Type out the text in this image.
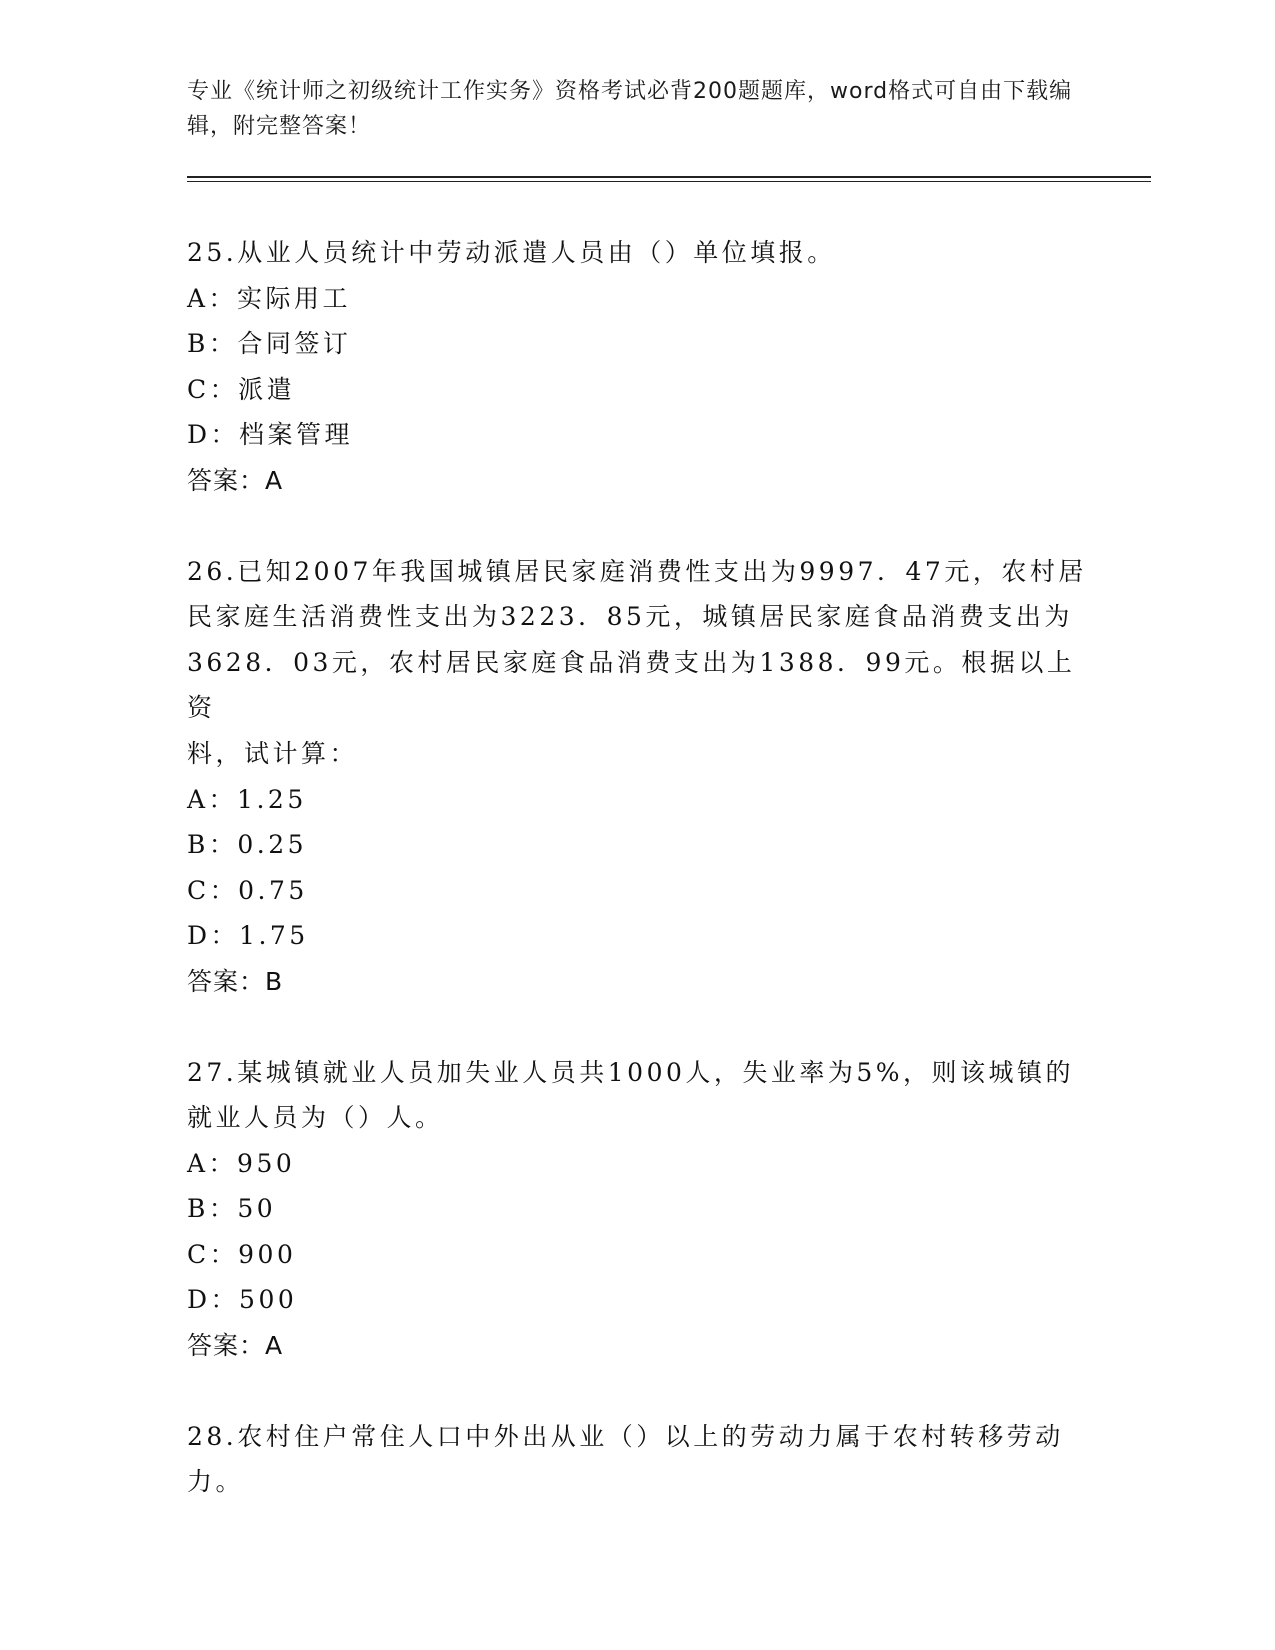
专业《统计师之初级统计工作实务》资格考试必背200题题库，word格式可自由下载编辑，附完整答案！
25.从业人员统计中劳动派遣人员由（）单位填报。
A：实际用工
B：合同签订
C：派遣
D：档案管理
答案：A
26.已知2007年我国城镇居民家庭消费性支出为9997．47元，农村居
民家庭生活消费性支出为3223．85元，城镇居民家庭食品消费支出为
3628．03元，农村居民家庭食品消费支出为1388．99元。根据以上资
料，试计算：
A：1.25
B：0.25
C：0.75
D：1.75
答案：B
27.某城镇就业人员加失业人员共1000人，失业率为5%，则该城镇的
就业人员为（）人。
A：950
B：50
C：900
D：500
答案：A
28.农村住户常住人口中外出从业（）以上的劳动力属于农村转移劳动
力。
